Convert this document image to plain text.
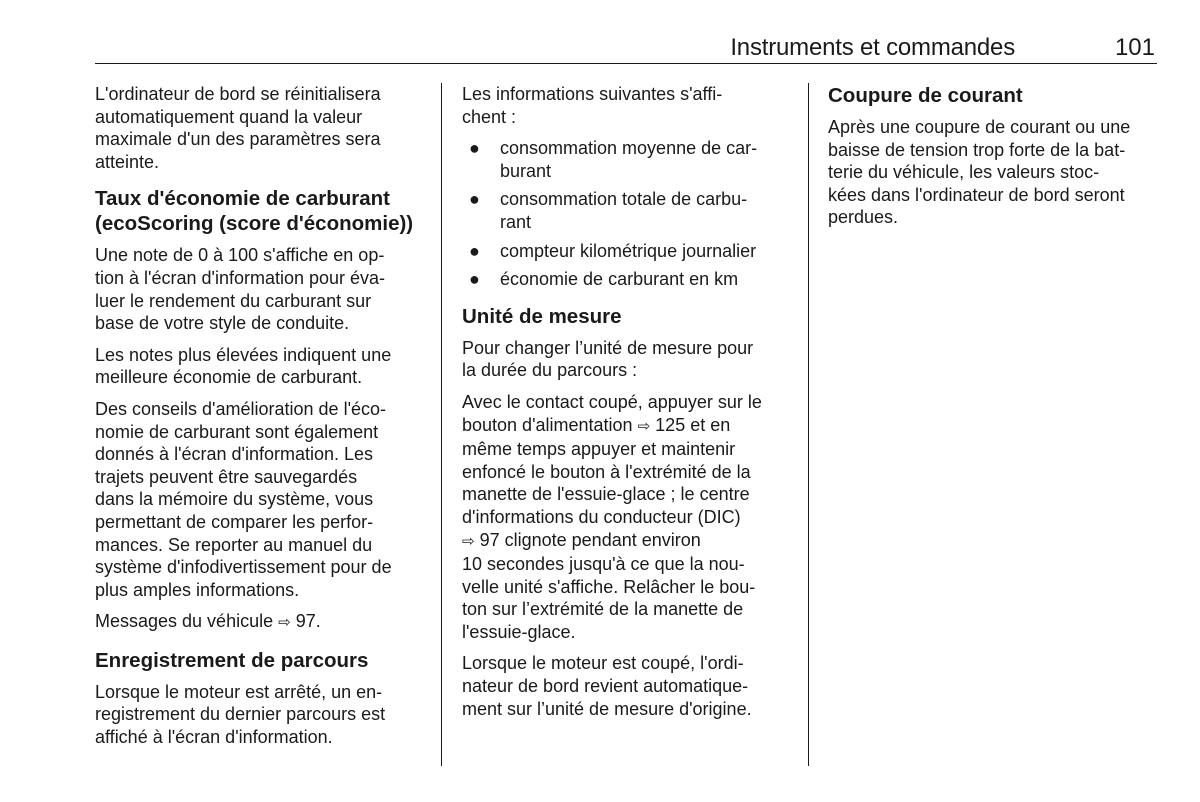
Instruments et commandes	101
L'ordinateur de bord se réinitialisera
automatiquement quand la valeur
maximale d'un des paramètres sera
atteinte.
Taux d'économie de carburant
(ecoScoring (score d'économie))
Une note de 0 à 100 s'affiche en op-
tion à l'écran d'information pour éva-
luer le rendement du carburant sur
base de votre style de conduite.
Les notes plus élevées indiquent une
meilleure économie de carburant.
Des conseils d'amélioration de l'éco-
nomie de carburant sont également
donnés à l'écran d'information. Les
trajets peuvent être sauvegardés
dans la mémoire du système, vous
permettant de comparer les perfor-
mances. Se reporter au manuel du
système d'infodivertissement pour de
plus amples informations.
Messages du véhicule ⇨ 97.
Enregistrement de parcours
Lorsque le moteur est arrêté, un en-
registrement du dernier parcours est
affiché à l'écran d'information.
Les informations suivantes s'affi-
chent :
● consommation moyenne de car-
burant
● consommation totale de carbu-
rant
● compteur kilométrique journalier
● économie de carburant en km
Unité de mesure
Pour changer l’unité de mesure pour
la durée du parcours :
Avec le contact coupé, appuyer sur le
bouton d'alimentation ⇨ 125 et en
même temps appuyer et maintenir
enfoncé le bouton à l'extrémité de la
manette de l'essuie-glace ; le centre
d'informations du conducteur (DIC)
⇨ 97 clignote pendant environ
10 secondes jusqu'à ce que la nou-
velle unité s'affiche. Relâcher le bou-
ton sur l’extrémité de la manette de
l'essuie-glace.
Lorsque le moteur est coupé, l'ordi-
nateur de bord revient automatique-
ment sur l’unité de mesure d'origine.
Coupure de courant
Après une coupure de courant ou une
baisse de tension trop forte de la bat-
terie du véhicule, les valeurs stoc-
kées dans l'ordinateur de bord seront
perdues.
